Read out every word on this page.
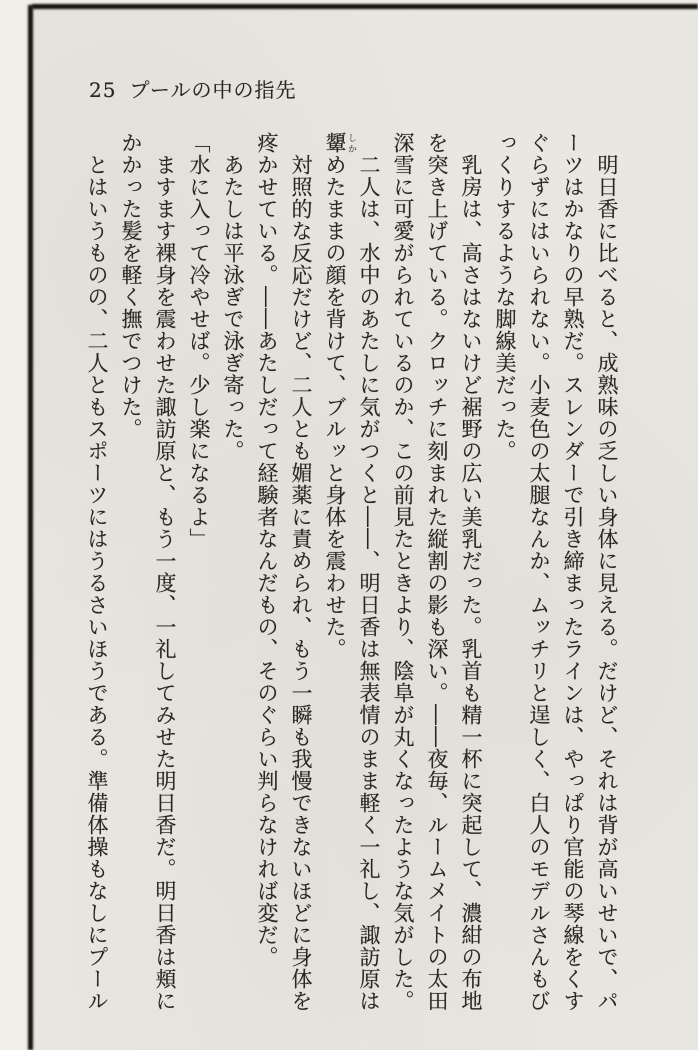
25 プールの中の指先

明日香に比べると、成熟味の乏しい身体に見える。だけど、それは背が高いせいで、パーツはかなりの早熟だ。スレンダーで引き締まったラインは、やっぱり官能の琴線をくすぐらずにはいられない。小麦色の太腿なんか、ムッチリと逞しく、白人のモデルさんもびっくりするような脚線美だった。

乳房は、高さはないけど裾野の広い美乳だった。乳首も精一杯に突起して、濃紺の布地を突き上げている。クロッチに刻まれた縦割の影も深い。――夜毎、ルームメイトの太田深雪に可愛がられているのか、この前見たときより、陰阜が丸くなったような気がした。

二人は、水中のあたしに気がつくと――、明日香は無表情のまま軽く一礼し、諏訪原は顰 しかめたままの顔を背けて、ブルッと身体を震わせた。

対照的な反応だけど、二人とも媚薬に責められ、もう一瞬も我慢できないほどに身体を疼かせている。――あたしだって経験者なんだもの、そのぐらい判らなければ変だ。

あたしは平泳ぎで泳ぎ寄った。

「水に入って冷やせば。少し楽になるよ」

ますます裸身を震わせた諏訪原と、もう一度、一礼してみせた明日香だ。明日香は頬にかかった髪を軽く撫でつけた。

とはいうものの、二人ともスポーツにはうるさいほうである。準備体操もなしにプール
